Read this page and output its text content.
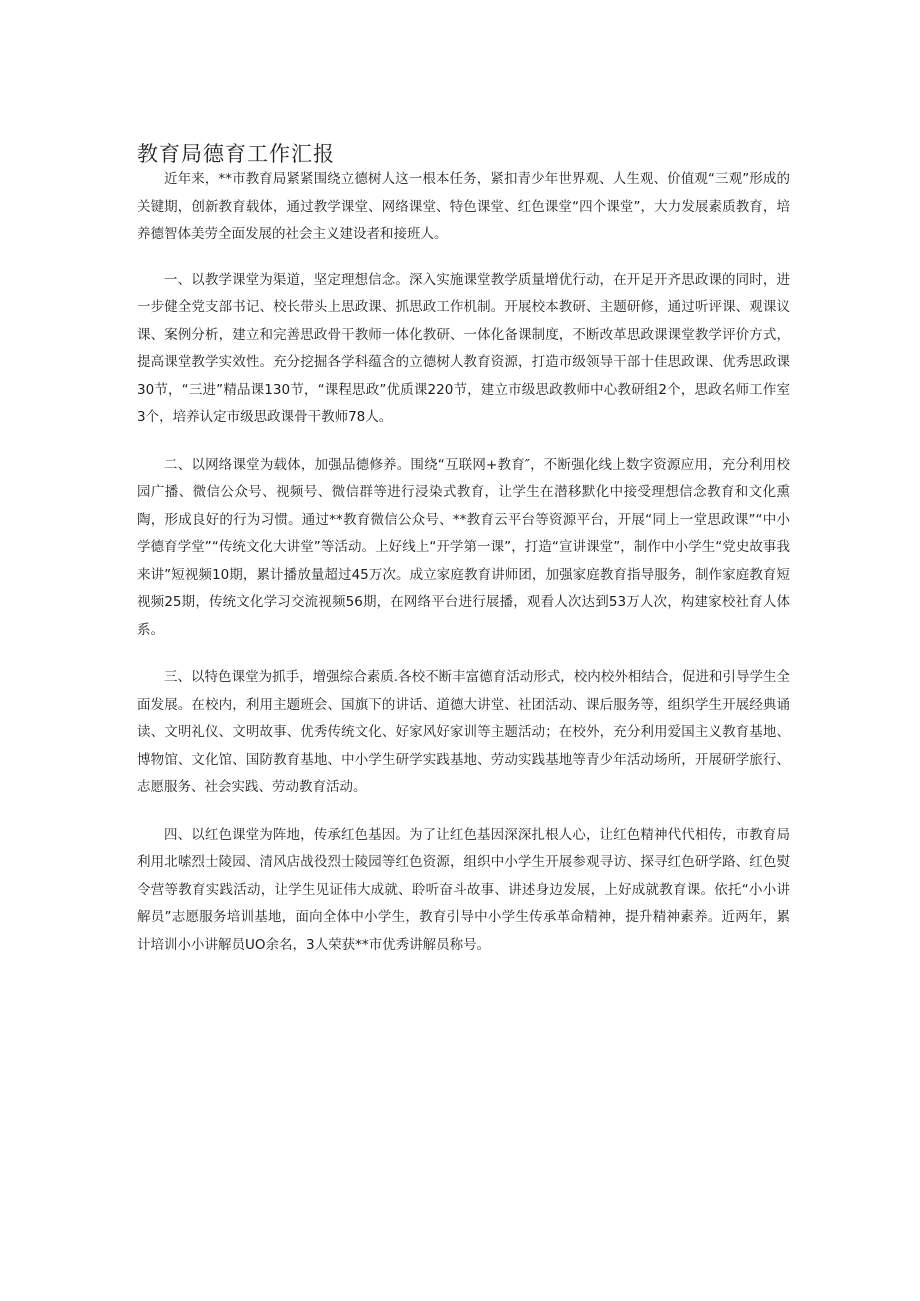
教育局德育工作汇报

近年来，**市教育局紧紧围绕立德树人这一根本任务，紧扣青少年世界观、人生观、价值观“三观”形成的关键期，创新教育载体，通过教学课堂、网络课堂、特色课堂、红色课堂“四个课堂”，大力发展素质教育，培养德智体美劳全面发展的社会主义建设者和接班人。

一、以教学课堂为渠道，坚定理想信念。深入实施课堂教学质量增优行动，在开足开齐思政课的同时，进一步健全党支部书记、校长带头上思政课、抓思政工作机制。开展校本教研、主题研修，通过听评课、观课议课、案例分析，建立和完善思政骨干教师一体化教研、一体化备课制度，不断改革思政课课堂教学评价方式，提高课堂教学实效性。充分挖掘各学科蕴含的立德树人教育资源，打造市级领导干部十佳思政课、优秀思政课30节，“三进”精品课130节，“课程思政”优质课220节，建立市级思政教师中心教研组2个，思政名师工作室3个，培养认定市级思政课骨干教师78人。

二、以网络课堂为载体，加强品德修养。围绕“互联网+教育″，不断强化线上数字资源应用，充分利用校园广播、微信公众号、视频号、微信群等进行浸染式教育，让学生在潜移默化中接受理想信念教育和文化熏陶，形成良好的行为习惯。通过**教育微信公众号、**教育云平台等资源平台，开展“同上一堂思政课”“中小学德育学堂”“传统文化大讲堂”等活动。上好线上“开学第一课”，打造“宣讲课堂”，制作中小学生“党史故事我来讲”短视频10期，累计播放量超过45万次。成立家庭教育讲师团，加强家庭教育指导服务，制作家庭教育短视频25期，传统文化学习交流视频56期，在网络平台进行展播，观看人次达到53万人次，构建家校社育人体系。

三、以特色课堂为抓手，增强综合素质.各校不断丰富德育活动形式，校内校外相结合，促进和引导学生全面发展。在校内，利用主题班会、国旗下的讲话、道德大讲堂、社团活动、课后服务等，组织学生开展经典诵读、文明礼仪、文明故事、优秀传统文化、好家风好家训等主题活动；在校外，充分利用爱国主义教育基地、博物馆、文化馆、国防教育基地、中小学生研学实践基地、劳动实践基地等青少年活动场所，开展研学旅行、志愿服务、社会实践、劳动教育活动。

四、以红色课堂为阵地，传承红色基因。为了让红色基因深深扎根人心，让红色精神代代相传，市教育局利用北嗦烈士陵园、清风店战役烈士陵园等红色资源，组织中小学生开展参观寻访、探寻红色研学路、红色熨令营等教育实践活动，让学生见证伟大成就、聆听奋斗故事、讲述身边发展，上好成就教育课。依托“小小讲解员”志愿服务培训基地，面向全体中小学生，教育引导中小学生传承革命精神，提升精神素养。近两年，累计培训小小讲解员UO余名，3人荣获**市优秀讲解员称号。
